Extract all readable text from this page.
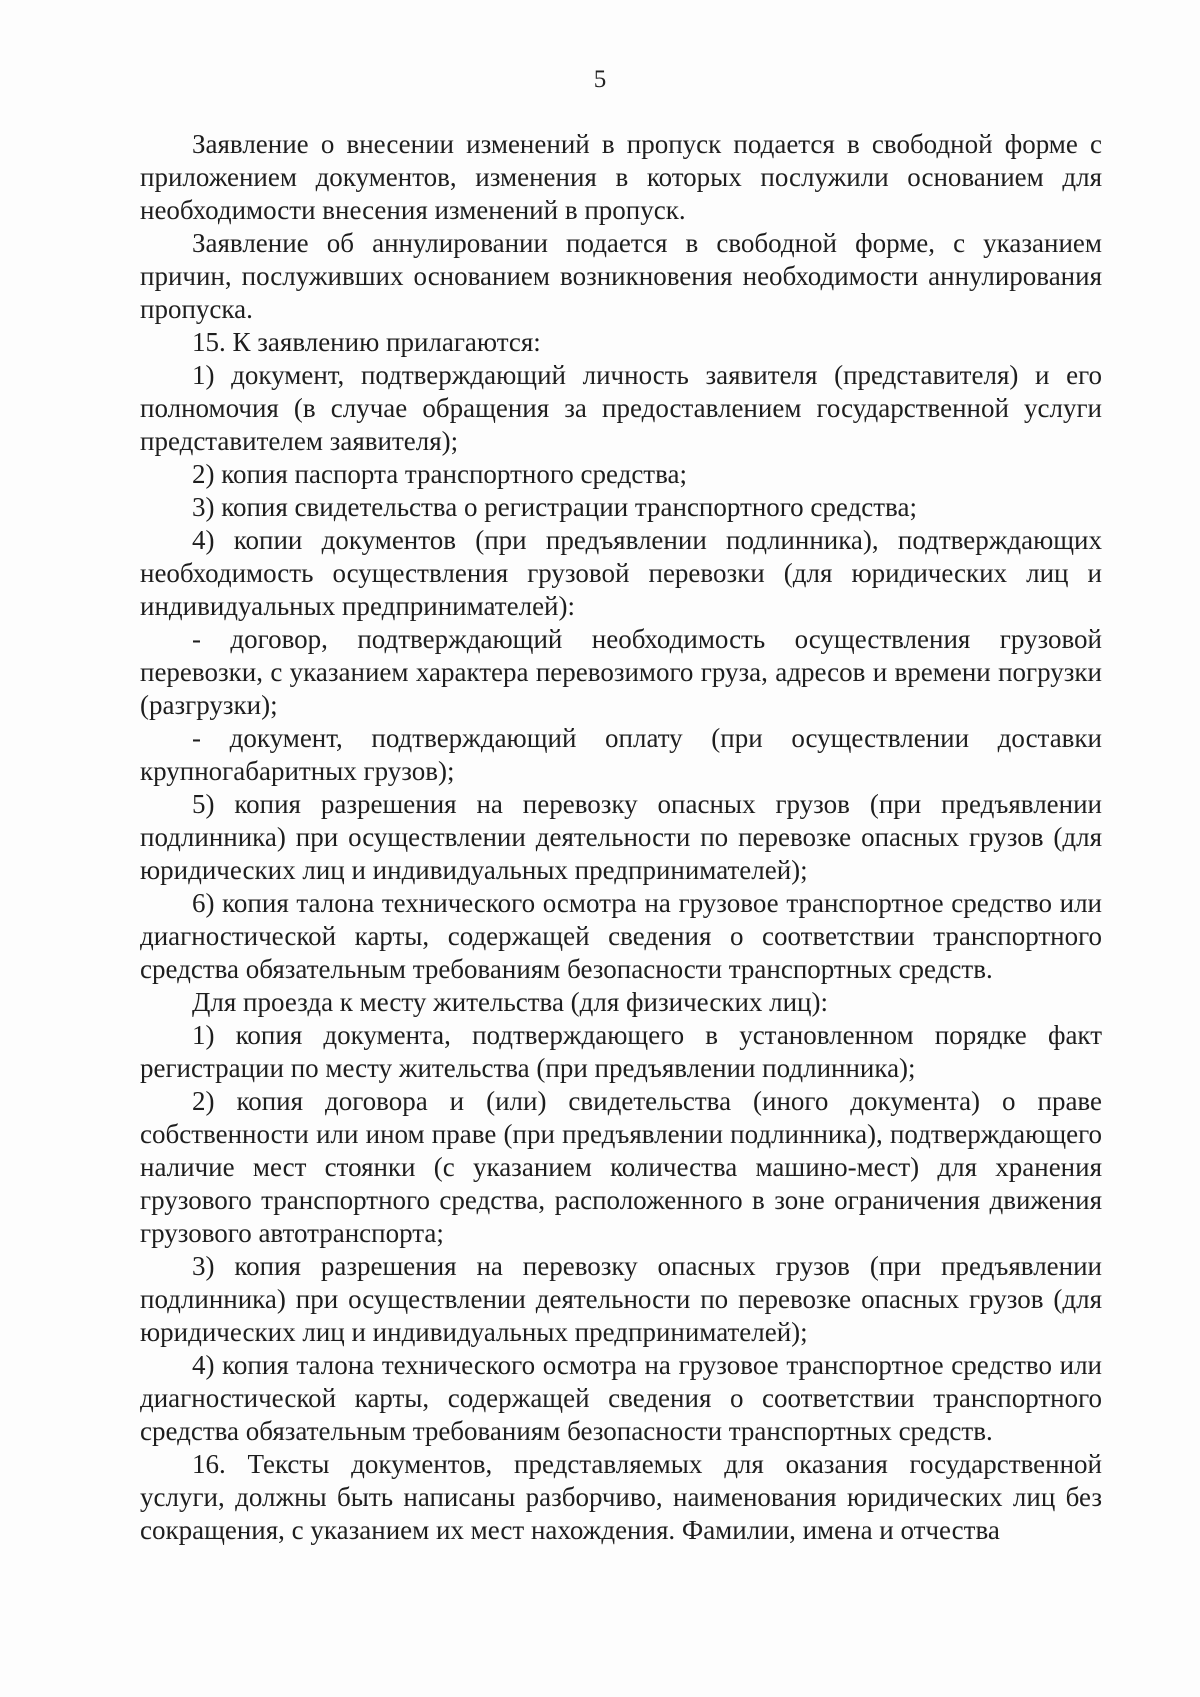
5

Заявление о внесении изменений в пропуск подается в свободной форме с приложением документов, изменения в которых послужили основанием для необходимости внесения изменений в пропуск.

Заявление об аннулировании подается в свободной форме, с указанием причин, послуживших основанием возникновения необходимости аннулирования пропуска.

15. К заявлению прилагаются:

1) документ, подтверждающий личность заявителя (представителя) и его полномочия (в случае обращения за предоставлением государственной услуги представителем заявителя);

2) копия паспорта транспортного средства;

3) копия свидетельства о регистрации транспортного средства;

4) копии документов (при предъявлении подлинника), подтверждающих необходимость осуществления грузовой перевозки (для юридических лиц и индивидуальных предпринимателей):

- договор, подтверждающий необходимость осуществления грузовой перевозки, с указанием характера перевозимого груза, адресов и времени погрузки (разгрузки);

- документ, подтверждающий оплату (при осуществлении доставки крупногабаритных грузов);

5) копия разрешения на перевозку опасных грузов (при предъявлении подлинника) при осуществлении деятельности по перевозке опасных грузов (для юридических лиц и индивидуальных предпринимателей);

6) копия талона технического осмотра на грузовое транспортное средство или диагностической карты, содержащей сведения о соответствии транспортного средства обязательным требованиям безопасности транспортных средств.

Для проезда к месту жительства (для физических лиц):

1) копия документа, подтверждающего в установленном порядке факт регистрации по месту жительства (при предъявлении подлинника);

2) копия договора и (или) свидетельства (иного документа) о праве собственности или ином праве (при предъявлении подлинника), подтверждающего наличие мест стоянки (с указанием количества машино-мест) для хранения грузового транспортного средства, расположенного в зоне ограничения движения грузового автотранспорта;

3) копия разрешения на перевозку опасных грузов (при предъявлении подлинника) при осуществлении деятельности по перевозке опасных грузов (для юридических лиц и индивидуальных предпринимателей);

4) копия талона технического осмотра на грузовое транспортное средство или диагностической карты, содержащей сведения о соответствии транспортного средства обязательным требованиям безопасности транспортных средств.

16. Тексты документов, представляемых для оказания государственной услуги, должны быть написаны разборчиво, наименования юридических лиц без сокращения, с указанием их мест нахождения. Фамилии, имена и отчества
